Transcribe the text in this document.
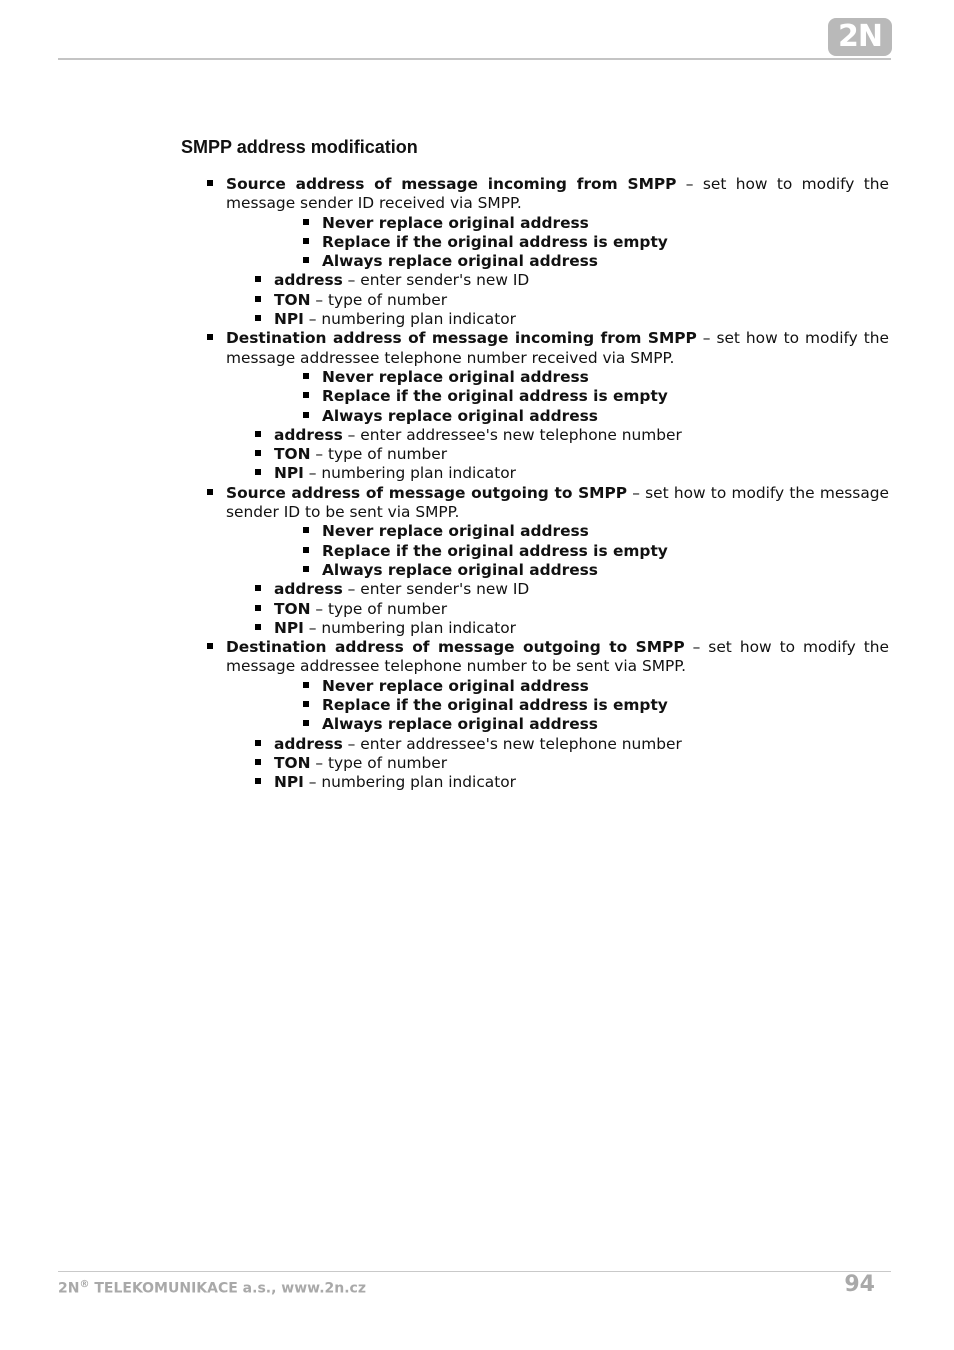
2N
SMPP address modification
Source address of message incoming from SMPP – set how to modify the message sender ID received via SMPP.
Never replace original address
Replace if the original address is empty
Always replace original address
address – enter sender's new ID
TON – type of number
NPI – numbering plan indicator
Destination address of message incoming from SMPP – set how to modify the message addressee telephone number received via SMPP.
Never replace original address
Replace if the original address is empty
Always replace original address
address – enter addressee's new telephone number
TON – type of number
NPI – numbering plan indicator
Source address of message outgoing to SMPP – set how to modify the message sender ID to be sent via SMPP.
Never replace original address
Replace if the original address is empty
Always replace original address
address – enter sender's new ID
TON – type of number
NPI – numbering plan indicator
Destination address of message outgoing to SMPP – set how to modify the message addressee telephone number to be sent via SMPP.
Never replace original address
Replace if the original address is empty
Always replace original address
address – enter addressee's new telephone number
TON – type of number
NPI – numbering plan indicator
2N® TELEKOMUNIKACE a.s., www.2n.cz	94
